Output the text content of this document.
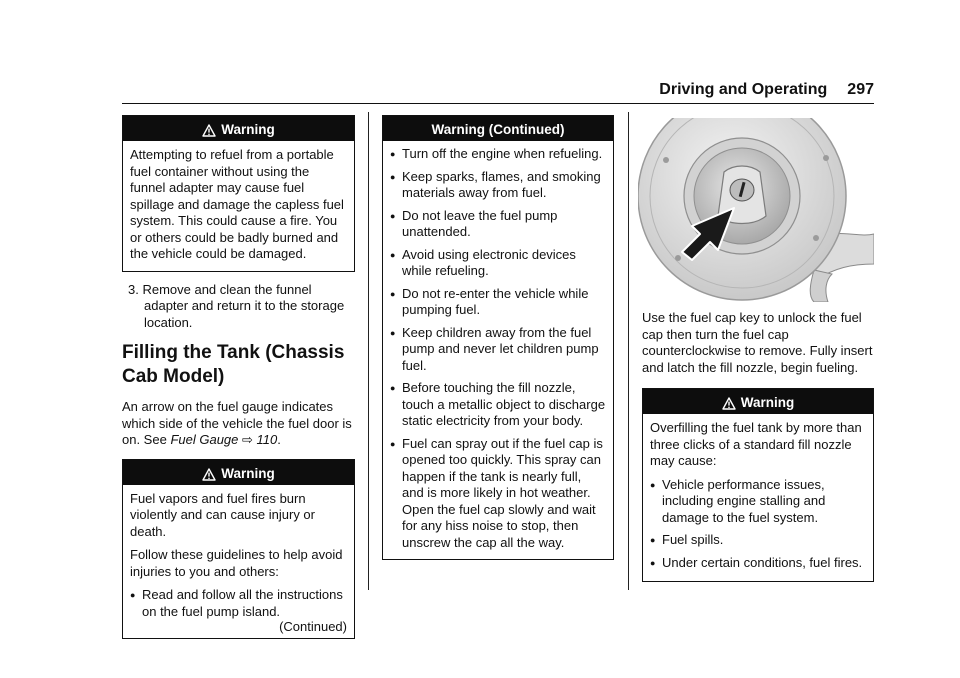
Driving and Operating 297
Warning

Attempting to refuel from a portable fuel container without using the funnel adapter may cause fuel spillage and damage the capless fuel system. This could cause a fire. You or others could be badly burned and the vehicle could be damaged.

3. Remove and clean the funnel adapter and return it to the storage location.

Filling the Tank (Chassis Cab Model)

An arrow on the fuel gauge indicates which side of the vehicle the fuel door is on. See Fuel Gauge ⇨ 110.

Warning

Fuel vapors and fuel fires burn violently and can cause injury or death.

Follow these guidelines to help avoid injuries to you and others:

● Read and follow all the instructions on the fuel pump island.
(Continued)
Warning (Continued)
● Turn off the engine when refueling.
● Keep sparks, flames, and smoking materials away from fuel.
● Do not leave the fuel pump unattended.
● Avoid using electronic devices while refueling.
● Do not re-enter the vehicle while pumping fuel.
● Keep children away from the fuel pump and never let children pump fuel.
● Before touching the fill nozzle, touch a metallic object to discharge static electricity from your body.
● Fuel can spray out if the fuel cap is opened too quickly. This spray can happen if the tank is nearly full, and is more likely in hot weather. Open the fuel cap slowly and wait for any hiss noise to stop, then unscrew the cap all the way.

Use the fuel cap key to unlock the fuel cap then turn the fuel cap counterclockwise to remove. Fully insert and latch the fill nozzle, begin fueling.

Warning

Overfilling the fuel tank by more than three clicks of a standard fill nozzle may cause:

● Vehicle performance issues, including engine stalling and damage to the fuel system.
● Fuel spills.
● Under certain conditions, fuel fires.
